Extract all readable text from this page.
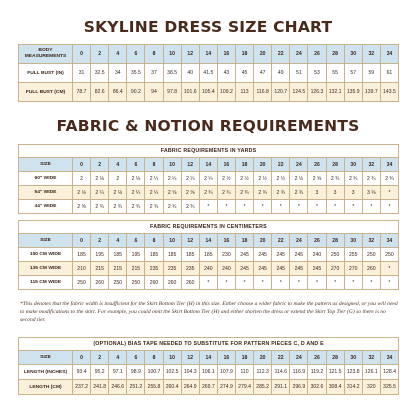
SKYLINE DRESS SIZE CHART
BODY MEASUREMENTS	0	2	4	6	8	10	12	14	16	18	20	22	24	26	28	30	32	34
FULL BUST (IN)	31	32.5	34	35.5	37	38.5	40	41.5	43	45	47	49	51	53	55	57	59	61
FULL BUST (CM)	78.7	82.6	86.4	90.2	94	97.8	101.6	105.4	109.2	113	116.8	120.7	124.5	126.3	132.1	135.9	139.7	143.5
FABRIC & NOTION REQUIREMENTS
FABRIC REQUIREMENTS IN YARDS																		
SIZE	0	2	4	6	8	10	12	14	16	18	20	22	24	26	28	30	32	34
60" WIDE	2	2 ⅛	2	2 ⅛	2 ¼	2 ¼	2 ¼	2 ¼	2 ½	2 ½	2 ½	2 ½	2 ½	2 ⅝	2 ¾	2 ¾	2 ¾	2 ¾
54" WIDE	2 ⅛	2 ¼	2 ⅛	2 ¼	2 ¼	2 ⅝	2 ⅝	2 ¾	2 ¾	2 ¾	2 ¾	2 ¾	2 ¾	3	3	3	3 ⅛	*
44" WIDE	2 ⅝	2 ¾	2 ¾	2 ¾	2 ¾	2 ¾	2 ¾	*	*	*	*	*	*	*	*	*	*	*
FABRIC REQUIREMENTS IN CENTIMETERS																		
SIZE	0	2	4	6	8	10	12	14	16	18	20	22	24	26	28	30	32	34
150 CM WIDE	185	195	185	195	185	185	185	185	230	245	245	245	245	240	250	255	250	250
135 CM WIDE	210	215	215	215	235	235	235	240	240	245	245	245	245	245	270	270	260	*
115 CM WIDE	250	260	250	250	260	260	260	*	*	*	*	*	*	*	*	*	*	*
*This denotes that the fabric width is insufficient for the Skirt Bottom Tier (H) in this size. Either choose a wider fabric to make the pattern as designed, or you will need to make modifications to the skirt. For example, you could omit the Skirt Bottom Tier (H) and either shorten the dress or extend the Skirt Top Tier (G) so there is no second tier.
(OPTIONAL) BIAS TAPE NEEDED TO SUBSTITUTE FOR PATTERN PIECES C, D AND E																		
SIZE	0	2	4	6	8	10	12	14	16	18	20	22	24	26	28	30	32	34
LENGTH (INCHES)	93.4	95.2	97.1	98.9	100.7	102.5	104.3	106.1	107.9	110	112.3	114.6	116.9	119.2	121.5	123.8	126.1	128.4
LENGTH (CM)	237.2	241.8	246.6	251.2	255.8	260.4	264.9	269.7	274.9	279.4	285.2	291.1	296.9	302.6	308.4	314.2	320	325.5
